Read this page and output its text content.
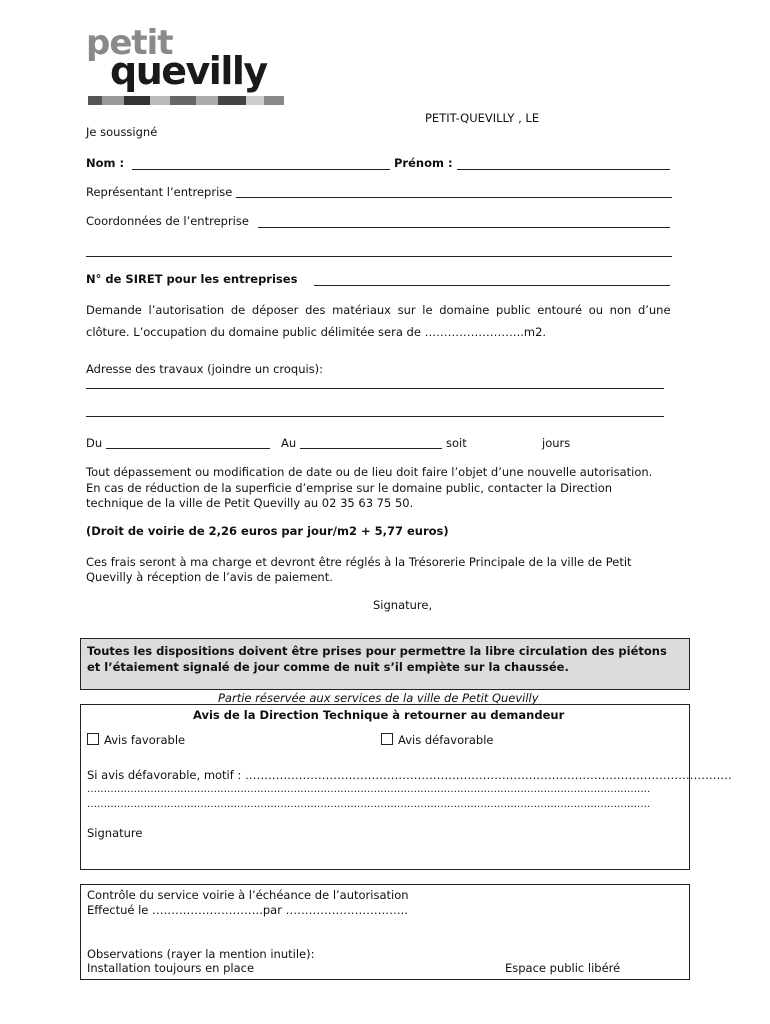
petit
quevilly
PETIT-QUEVILLY , LE
Je soussigné
Nom :	Prénom :
Représentant l’entreprise
Coordonnées de l’entreprise
N° de SIRET pour les entreprises
Demande l’autorisation de déposer des matériaux sur le domaine public entouré ou non d’une
clôture. L’occupation du domaine public délimitée sera de ……………………..m2.
Adresse des travaux (joindre un croquis):
Du	Au	soit	jours
Tout dépassement ou modification de date ou de lieu doit faire l’objet d’une nouvelle autorisation.
En cas de réduction de la superficie d’emprise sur le domaine public, contacter la Direction
technique de la ville de Petit Quevilly au 02 35 63 75 50.
(Droit de voirie de 2,26 euros par jour/m2 + 5,77 euros)
Ces frais seront à ma charge et devront être réglés à la Trésorerie Principale de la ville de Petit
Quevilly à réception de l’avis de paiement.
Signature,
Toutes les dispositions doivent être prises pour permettre la libre circulation des piétons
et l’étaiement signalé de jour comme de nuit s’il empiète sur la chaussée.
Partie réservée aux services de la ville de Petit Quevilly
Avis de la Direction Technique à retourner au demandeur
Avis favorable	Avis défavorable
Si avis défavorable, motif : ……………………………………………………………………………………………………………….
…………………………………………………………………………………………………………………………………………………….
…………………………………………………………………………………………………………………………………………………….
Signature
Contrôle du service voirie à l’échéance de l’autorisation
Effectué le ………………………..par …………………………..
Observations (rayer la mention inutile):
Installation toujours en place	Espace public libéré
